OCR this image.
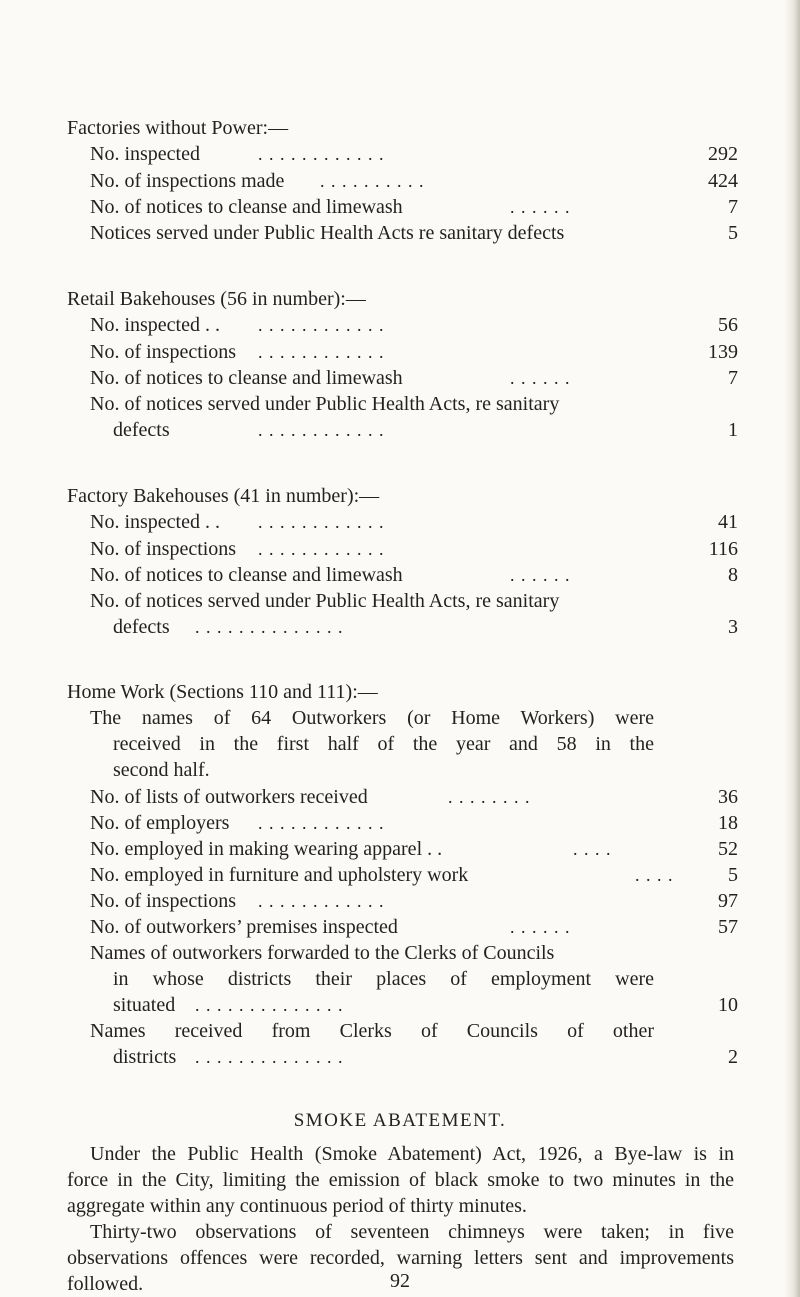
Factories without Power:—
No. inspected	. . . . . . . . . . . .	292
No. of inspections made . . . . . . . . . .	424
No. of notices to cleanse and limewash	. . . . . .	7
Notices served under Public Health Acts re sanitary defects	5
Retail Bakehouses (56 in number):—
No. inspected . . . . . . . . . . . . . .	56
No. of inspections . . . . . . . . . . . .	139
No. of notices to cleanse and limewash	. . . . . .	7
No. of notices served under Public Health Acts, re sanitary
defects	. . . . . . . . . . . .	1
Factory Bakehouses (41 in number):—
No. inspected . . . . . . . . . . . . . .	41
No. of inspections . . . . . . . . . . . .	116
No. of notices to cleanse and limewash	. . . . . .	8
No. of notices served under Public Health Acts, re sanitary
defects . . . . . . . . . . . . . .	3
Home Work (Sections 110 and 111):—
The names of 64 Outworkers (or Home Workers) were
received in the first half of the year and 58 in the
second half.
No. of lists of outworkers received	. . . . . . . .	36
No. of employers . . . . . . . . . . . .	18
No. employed in making wearing apparel . .	. . . .	52
No. employed in furniture and upholstery work	. . . .	5
No. of inspections . . . . . . . . . . . .	97
No. of outworkers’ premises inspected	. . . . . .	57
Names of outworkers forwarded to the Clerks of Councils
in whose districts their places of employment were
situated . . . . . . . . . . . . . .	10
Names received from Clerks of Councils of other
districts . . . . . . . . . . . . . .	2
SMOKE ABATEMENT.
Under the Public Health (Smoke Abatement) Act, 1926, a Bye-law is in
force in the City, limiting the emission of black smoke to two minutes in the
aggregate within any continuous period of thirty minutes.
Thirty-two observations of seventeen chimneys were taken; in five
observations offences were recorded, warning letters sent and improvements
followed.	92
